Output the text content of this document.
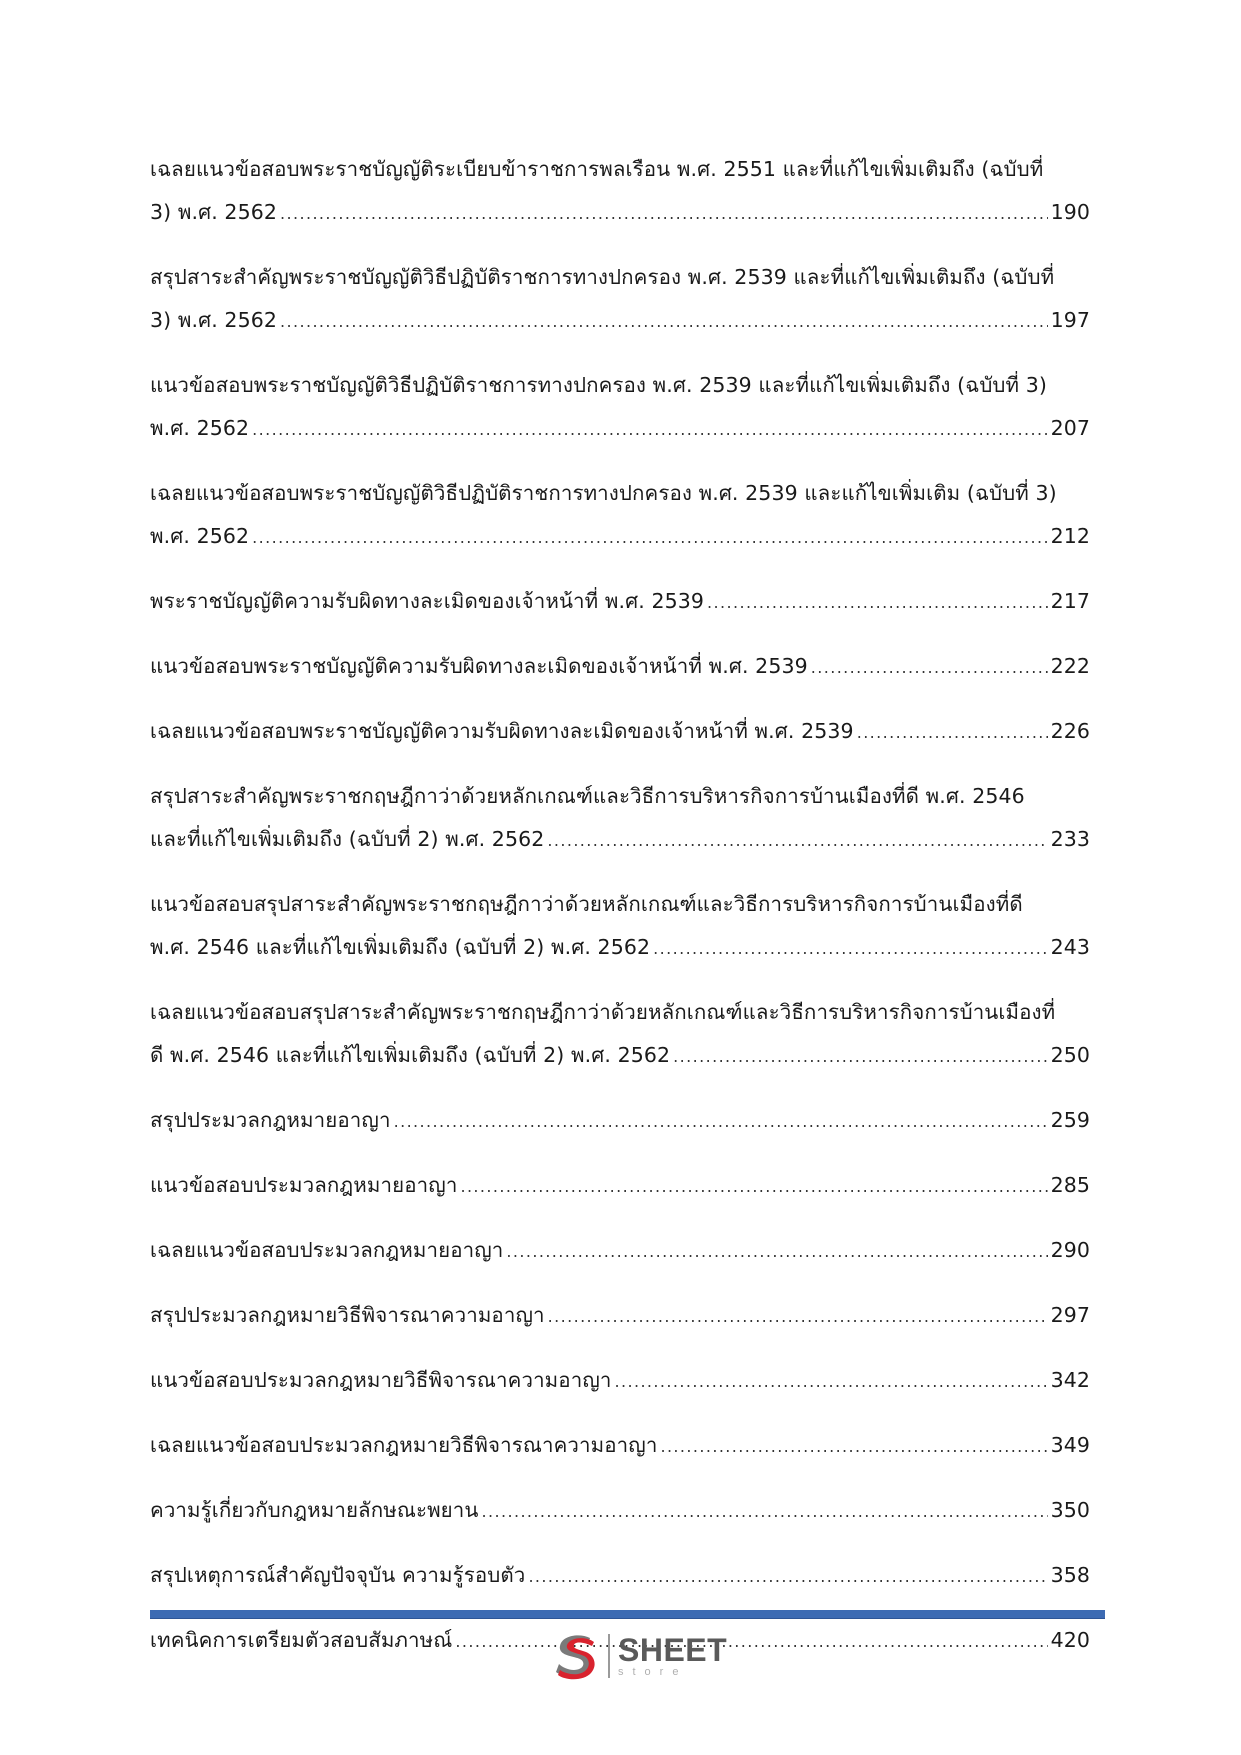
เฉลยแนวข้อสอบพระราชบัญญัติระเบียบข้าราชการพลเรือน พ.ศ. 2551 และที่แก้ไขเพิ่มเติมถึง (ฉบับที่
3) พ.ศ. 2562 .....	190
สรุปสาระสำคัญพระราชบัญญัติวิธีปฏิบัติราชการทางปกครอง พ.ศ. 2539 และที่แก้ไขเพิ่มเติมถึง (ฉบับที่
3) พ.ศ. 2562 .....	197
แนวข้อสอบพระราชบัญญัติวิธีปฏิบัติราชการทางปกครอง พ.ศ. 2539 และที่แก้ไขเพิ่มเติมถึง (ฉบับที่ 3)
พ.ศ. 2562 .....	207
เฉลยแนวข้อสอบพระราชบัญญัติวิธีปฏิบัติราชการทางปกครอง พ.ศ. 2539 และแก้ไขเพิ่มเติม (ฉบับที่ 3)
พ.ศ. 2562 .....	212
พระราชบัญญัติความรับผิดทางละเมิดของเจ้าหน้าที่ พ.ศ. 2539 .....	217
แนวข้อสอบพระราชบัญญัติความรับผิดทางละเมิดของเจ้าหน้าที่ พ.ศ. 2539 .....	222
เฉลยแนวข้อสอบพระราชบัญญัติความรับผิดทางละเมิดของเจ้าหน้าที่ พ.ศ. 2539 .....	226
สรุปสาระสำคัญพระราชกฤษฎีกาว่าด้วยหลักเกณฑ์และวิธีการบริหารกิจการบ้านเมืองที่ดี พ.ศ. 2546
และที่แก้ไขเพิ่มเติมถึง (ฉบับที่ 2) พ.ศ. 2562 .....	233
แนวข้อสอบสรุปสาระสำคัญพระราชกฤษฎีกาว่าด้วยหลักเกณฑ์และวิธีการบริหารกิจการบ้านเมืองที่ดี
พ.ศ. 2546 และที่แก้ไขเพิ่มเติมถึง (ฉบับที่ 2) พ.ศ. 2562 .....	243
เฉลยแนวข้อสอบสรุปสาระสำคัญพระราชกฤษฎีกาว่าด้วยหลักเกณฑ์และวิธีการบริหารกิจการบ้านเมืองที่
ดี พ.ศ. 2546 และที่แก้ไขเพิ่มเติมถึง (ฉบับที่ 2) พ.ศ. 2562 .....	250
สรุปประมวลกฎหมายอาญา .....	259
แนวข้อสอบประมวลกฎหมายอาญา .....	285
เฉลยแนวข้อสอบประมวลกฎหมายอาญา .....	290
สรุปประมวลกฎหมายวิธีพิจารณาความอาญา .....	297
แนวข้อสอบประมวลกฎหมายวิธีพิจารณาความอาญา .....	342
เฉลยแนวข้อสอบประมวลกฎหมายวิธีพิจารณาความอาญา .....	349
ความรู้เกี่ยวกับกฎหมายลักษณะพยาน .....	350
สรุปเหตุการณ์สำคัญปัจจุบัน ความรู้รอบตัว .....	358
เทคนิคการเตรียมตัวสอบสัมภาษณ์ .....	420
SHEET
store
